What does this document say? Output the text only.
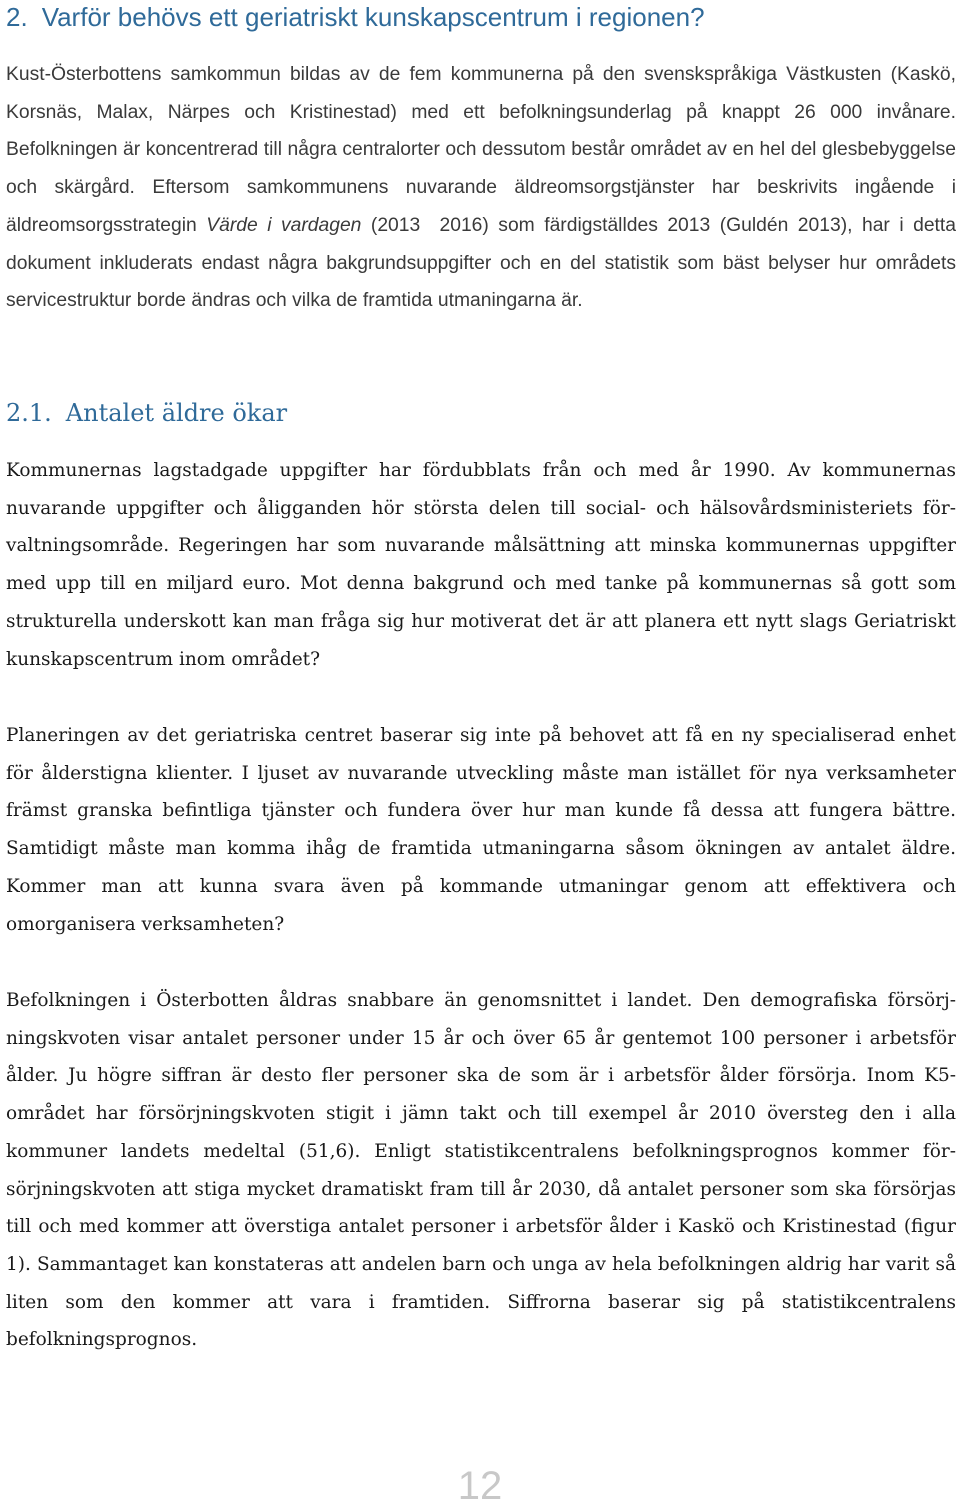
2. Varför behövs ett geriatriskt kunskapscentrum i regionen?

Kust-Österbottens samkommun bildas av de fem kommunerna på den svenskspråkiga Västkusten (Kaskö, Korsnäs, Malax, Närpes och Kristinestad) med ett befolkningsunderlag på knappt 26 000 invånare. Befolkningen är koncentrerad till några centralorter och dessutom består området av en hel del glesbebyggelse och skärgård. Eftersom samkommunens nuvarande äldreomsorgstjänster har beskrivits ingående i äldreomsorgsstrategin Värde i vardagen (2013 2016) som färdigställdes 2013 (Guldén 2013), har i detta dokument inkluderats endast några bakgrundsuppgifter och en del statistik som bäst belyser hur områdets servicestruktur borde ändras och vilka de framtida utmaningarna är.

2.1. Antalet äldre ökar

Kommunernas lagstadgade uppgifter har fördubblats från och med år 1990. Av kommunernas nuvarande uppgifter och åligganden hör största delen till social- och hälsovårdsministeriets förvaltningsområde. Regeringen har som nuvarande målsättning att minska kommunernas uppgifter med upp till en miljard euro. Mot denna bakgrund och med tanke på kommunernas så gott som strukturella underskott kan man fråga sig hur motiverat det är att planera ett nytt slags Geriatriskt kunskapscentrum inom området?

Planeringen av det geriatriska centret baserar sig inte på behovet att få en ny specialiserad enhet för ålderstigna klienter. I ljuset av nuvarande utveckling måste man istället för nya verksamheter främst granska befintliga tjänster och fundera över hur man kunde få dessa att fungera bättre. Samtidigt måste man komma ihåg de framtida utmaningarna såsom ökningen av antalet äldre. Kommer man att kunna svara även på kommande utmaningar genom att effektivera och omorganisera verksamheten?

Befolkningen i Österbotten åldras snabbare än genomsnittet i landet. Den demografiska försörjningskvoten visar antalet personer under 15 år och över 65 år gentemot 100 personer i arbetsför ålder. Ju högre siffran är desto fler personer ska de som är i arbetsför ålder försörja. Inom K5-området har försörjningskvoten stigit i jämn takt och till exempel år 2010 översteg den i alla kommuner landets medeltal (51,6). Enligt statistikcentralens befolkningsprognos kommer försörjningskvoten att stiga mycket dramatiskt fram till år 2030, då antalet personer som ska försörjas till och med kommer att överstiga antalet personer i arbetsför ålder i Kaskö och Kristinestad (figur 1). Sammantaget kan konstateras att andelen barn och unga av hela befolkningen aldrig har varit så liten som den kommer att vara i framtiden. Siffrorna baserar sig på statistikcentralens befolkningsprognos.

12
